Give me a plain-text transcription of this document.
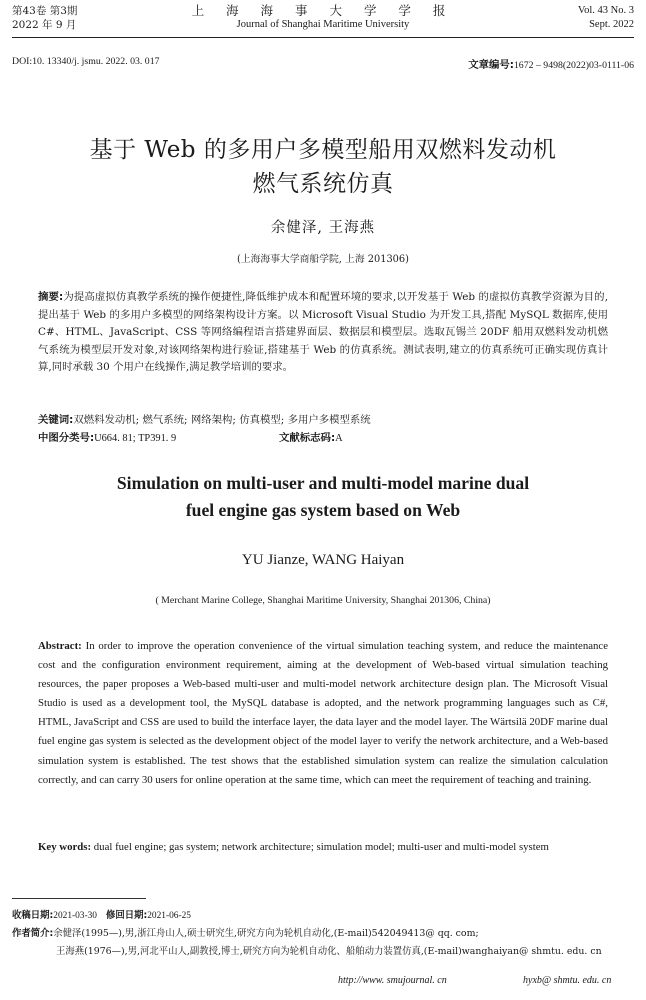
第43卷 第3期
2022 年 9 月
上 海 海 事 大 学 学 报
Journal of Shanghai Maritime University
Vol. 43 No. 3
Sept. 2022
DOI:10. 13340/j. jsmu. 2022. 03. 017	文章编号:1672 – 9498(2022)03-0111-06
基于 Web 的多用户多模型船用双燃料发动机
燃气系统仿真
余健泽, 王海燕
(上海海事大学商船学院, 上海 201306)
摘要:为提高虚拟仿真教学系统的操作便捷性,降低维护成本和配置环境的要求,以开发基于 Web 的虚拟仿真教学资源为目的,提出基于 Web 的多用户多模型的网络架构设计方案。以 Microsoft Visual Studio 为开发工具,搭配 MySQL 数据库,使用 C#、HTML、JavaScript、CSS 等网络编程语言搭建界面层、数据层和模型层。选取瓦锡兰 20DF 船用双燃料发动机燃气系统为模型层开发对象,对该网络架构进行验证,搭建基于 Web 的仿真系统。测试表明,建立的仿真系统可正确实现仿真计算,同时承载 30 个用户在线操作,满足教学培训的要求。
关键词:双燃料发动机; 燃气系统; 网络架构; 仿真模型; 多用户多模型系统
中图分类号:U664. 81; TP391. 9	文献标志码:A
Simulation on multi-user and multi-model marine dual
fuel engine gas system based on Web
YU Jianze, WANG Haiyan
( Merchant Marine College, Shanghai Maritime University, Shanghai 201306, China)
Abstract: In order to improve the operation convenience of the virtual simulation teaching system, and reduce the maintenance cost and the configuration environment requirement, aiming at the development of Web-based virtual simulation teaching resources, the paper proposes a Web-based multi-user and multi-model network architecture design plan. The Microsoft Visual Studio is used as a development tool, the MySQL database is adopted, and the network programming languages such as C#, HTML, JavaScript and CSS are used to build the interface layer, the data layer and the model layer. The Wärtsilä 20DF marine dual fuel engine gas system is selected as the development object of the model layer to verify the network architecture, and a Web-based simulation system is established. The test shows that the established simulation system can realize the simulation calculation correctly, and can carry 30 users for online operation at the same time, which can meet the requirement of teaching and training.
Key words: dual fuel engine; gas system; network architecture; simulation model; multi-user and multi-model system
收稿日期:2021-03-30 修回日期:2021-06-25
作者简介:余健泽(1995—),男,浙江舟山人,硕士研究生,研究方向为轮机自动化,(E-mail)542049413@ qq. com;
王海燕(1976—),男,河北平山人,副教授,博士,研究方向为轮机自动化、船舶动力装置仿真,(E-mail)wanghaiyan@ shmtu. edu. cn
http://www. smujournal. cn	hyxb@ shmtu. edu. cn
